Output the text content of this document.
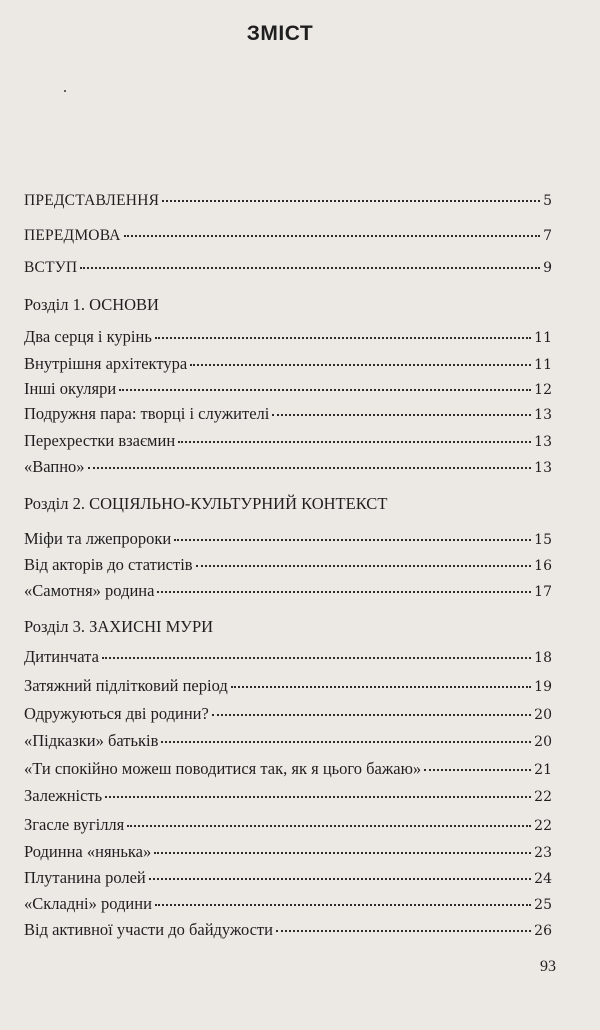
ЗМІСТ
ПРЕДСТАВЛЕННЯ	5
ПЕРЕДМОВА	7
ВСТУП	9
Розділ 1. ОСНОВИ
Два серця і курінь	11
Внутрішня архітектура	11
Інші окуляри	12
Подружня пара: творці і служителі	13
Перехрестки взаємин	13
«Вапно»	13
Розділ 2. СОЦІЯЛЬНО-КУЛЬТУРНИЙ КОНТЕКСТ
Міфи та лжепророки	15
Від акторів до статистів	16
«Самотня» родина	17
Розділ 3. ЗАХИСНІ МУРИ
Дитинчата	18
Затяжний підлітковий період	19
Одружуються дві родини?	20
«Підказки» батьків	20
«Ти спокійно можеш поводитися так, як я цього бажаю»	21
Залежність	22
Згасле вугілля	22
Родинна «нянька»	23
Плутанина ролей	24
«Складні» родини	25
Від активної участи до байдужости	26
93
